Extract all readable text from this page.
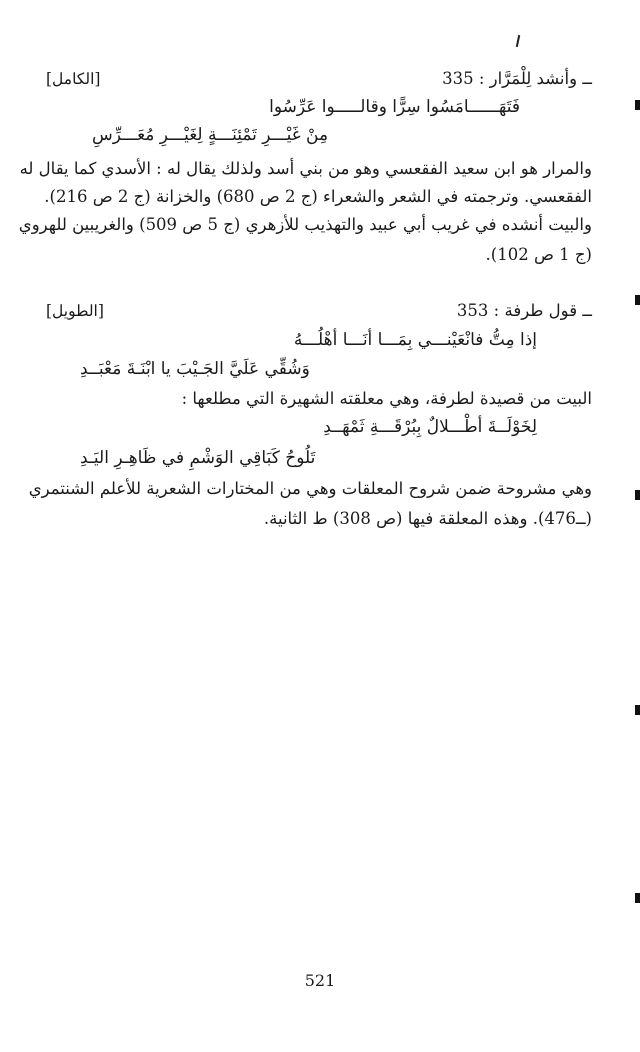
ــ وأنشد لِلْمَرَّار : 335

[الكامل]

فَتَهَــــــامَسُوا سِرًّا وقالـــــوا عَرِّسُوا

مِنْ غَيْـــرِ تَمْئِنَـــةٍ لِغَيْـــرِ مُعَـــرِّسِ

والمرار هو ابن سعيد الفقعسي وهو من بني أسد ولذلك يقال له : الأسدي كما يقال له

الفقعسي. وترجمته في الشعر والشعراء (ج 2 ص 680) والخزانة (ج 2 ص 216).

والبيت أنشده في غريب أبي عبيد والتهذيب للأزهري (ج 5 ص 509) والغريبين للهروي

(ج 1 ص 102).

ــ قول طرفة : 353

[الطويل]

إذا مِتُّ فانْعَيْنـــي بِمَـــا أنَـــا أهْلُـــهُ

وَشُقِّي عَلَيَّ الجَـيْبَ يا ابْنَـةَ مَعْبَــدِ

البيت من قصيدة لطرفة، وهي معلقته الشهيرة التي مطلعها :

لِخَوْلَــةَ أطْـــلالٌ بِبُرْقَـــةِ ثَمْهَــدِ

تَلُوحُ كَبَاقِي الوَشْمِ في ظَاهِـرِ اليَـدِ

وهي مشروحة ضمن شروح المعلقات وهي من المختارات الشعرية للأعلم الشنتمري

(ــ476). وهذه المعلقة فيها (ص 308) ط الثانية.

521
